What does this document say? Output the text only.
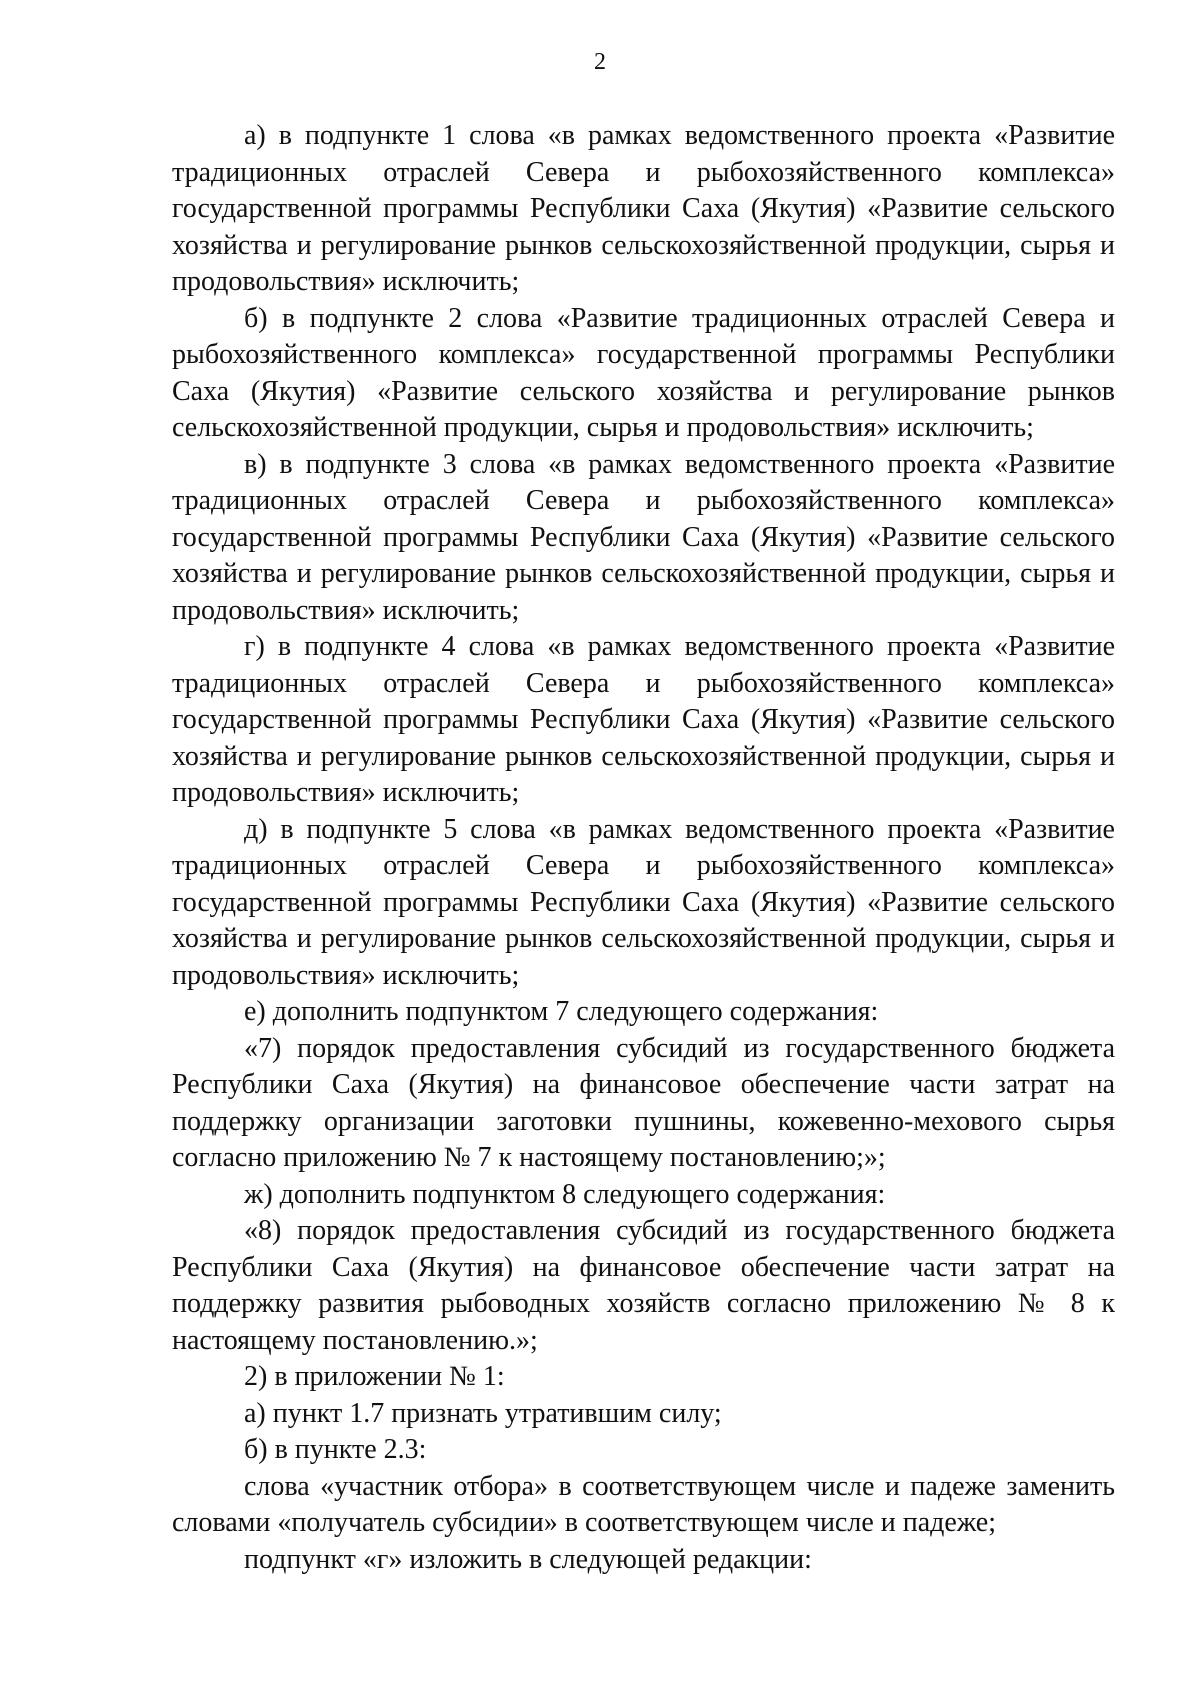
2

а) в подпункте 1 слова «в рамках ведомственного проекта «Развитие традиционных отраслей Севера и рыбохозяйственного комплекса» государственной программы Республики Саха (Якутия) «Развитие сельского хозяйства и регулирование рынков сельскохозяйственной продукции, сырья и продовольствия» исключить;

б) в подпункте 2 слова «Развитие традиционных отраслей Севера и рыбохозяйственного комплекса» государственной программы Республики Саха (Якутия) «Развитие сельского хозяйства и регулирование рынков сельскохозяйственной продукции, сырья и продовольствия» исключить;

в) в подпункте 3 слова «в рамках ведомственного проекта «Развитие традиционных отраслей Севера и рыбохозяйственного комплекса» государственной программы Республики Саха (Якутия) «Развитие сельского хозяйства и регулирование рынков сельскохозяйственной продукции, сырья и продовольствия» исключить;

г) в подпункте 4 слова «в рамках ведомственного проекта «Развитие традиционных отраслей Севера и рыбохозяйственного комплекса» государственной программы Республики Саха (Якутия) «Развитие сельского хозяйства и регулирование рынков сельскохозяйственной продукции, сырья и продовольствия» исключить;

д) в подпункте 5 слова «в рамках ведомственного проекта «Развитие традиционных отраслей Севера и рыбохозяйственного комплекса» государственной программы Республики Саха (Якутия) «Развитие сельского хозяйства и регулирование рынков сельскохозяйственной продукции, сырья и продовольствия» исключить;

е) дополнить подпунктом 7 следующего содержания:

«7) порядок предоставления субсидий из государственного бюджета Республики Саха (Якутия) на финансовое обеспечение части затрат на поддержку организации заготовки пушнины, кожевенно-мехового сырья согласно приложению № 7 к настоящему постановлению;»;

ж) дополнить подпунктом 8 следующего содержания:

«8) порядок предоставления субсидий из государственного бюджета Республики Саха (Якутия) на финансовое обеспечение части затрат на поддержку развития рыбоводных хозяйств согласно приложению № 8 к настоящему постановлению.»;

2) в приложении № 1:

а) пункт 1.7 признать утратившим силу;

б) в пункте 2.3:

слова «участник отбора» в соответствующем числе и падеже заменить словами «получатель субсидии» в соответствующем числе и падеже;

подпункт «г» изложить в следующей редакции:
